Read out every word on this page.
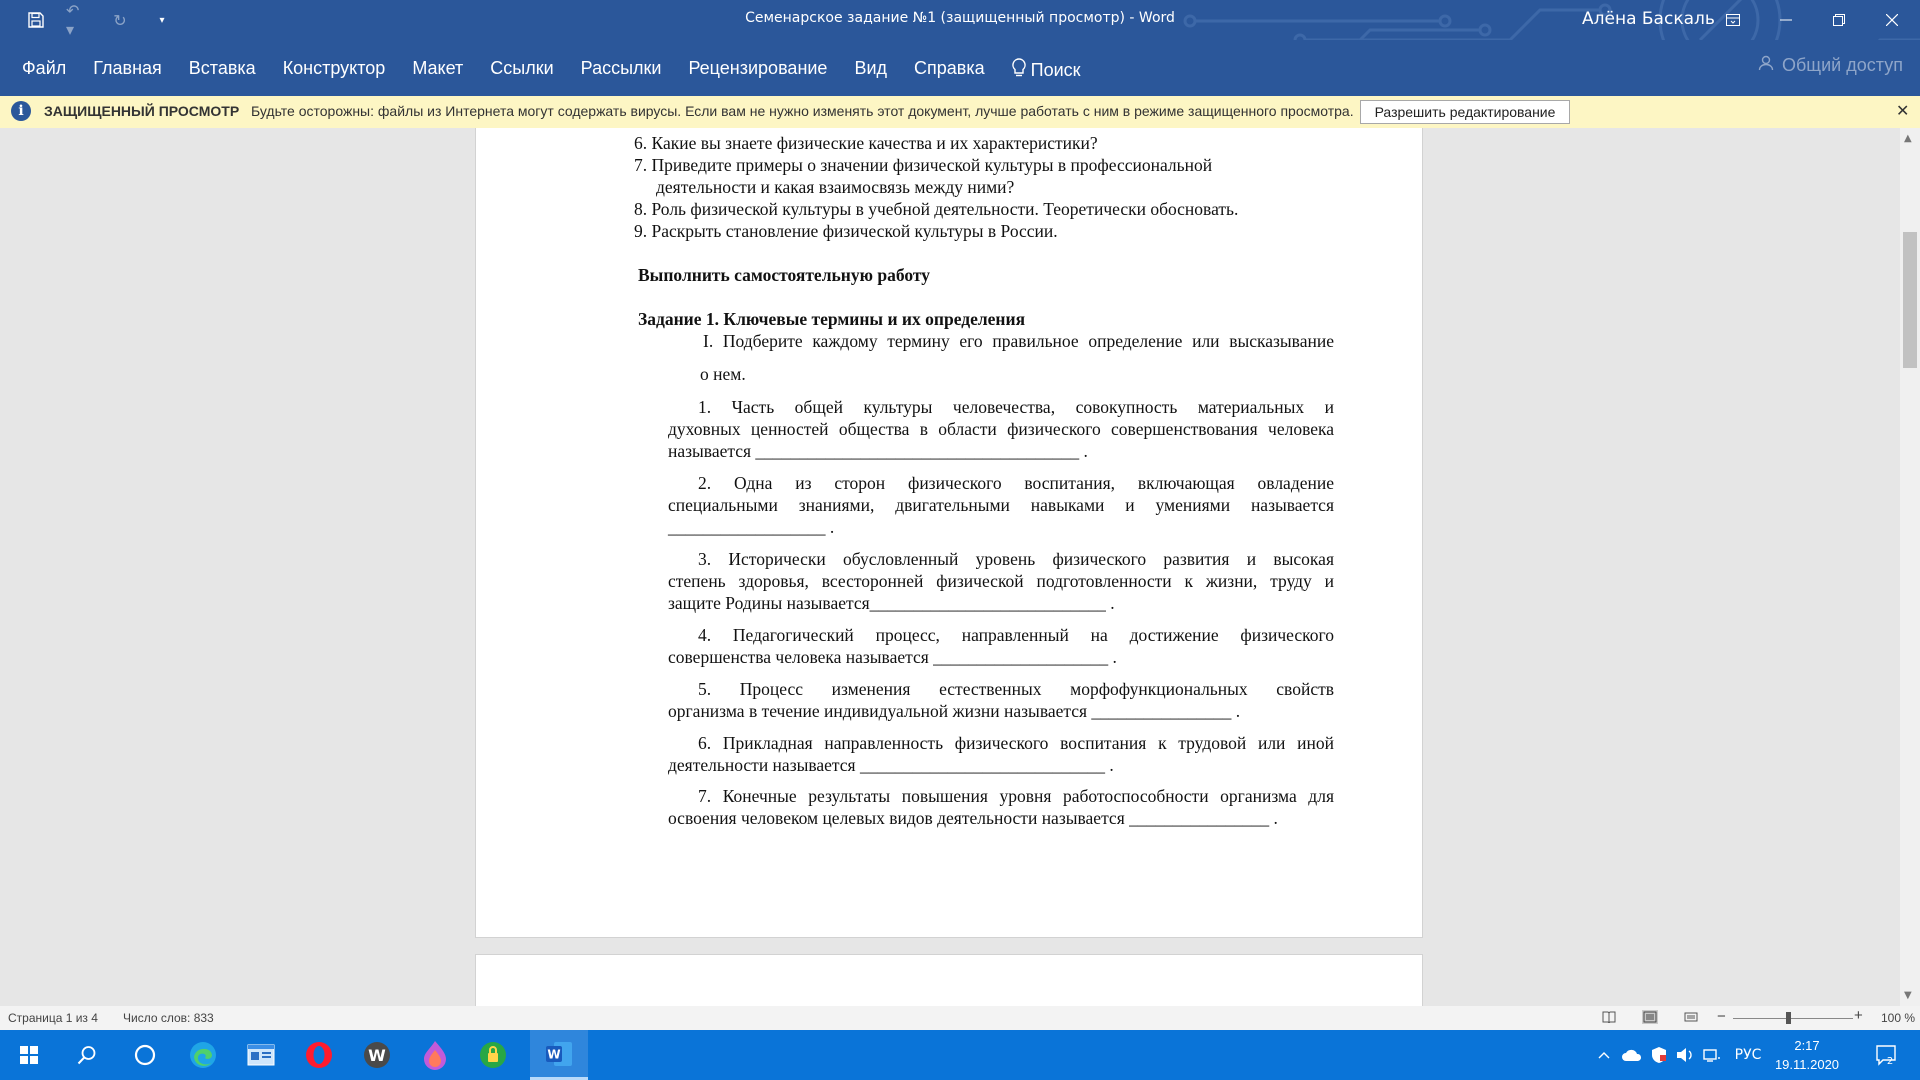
↶ ▾	↻	▾	Семенарское задание №1 (защищенный просмотр) - Word	Алёна Баскаль
Файл Главная Вставка Конструктор Макет Ссылки Рассылки Рецензирование Вид Справка	Поиск	Общий доступ
i	ЗАЩИЩЕННЫЙ ПРОСМОТР Будьте осторожны: файлы из Интернета могут содержать вирусы. Если вам не нужно изменять этот документ, лучше работать с ним в режиме защищенного просмотра.	Разрешить редактирование	✕
6. Какие вы знаете физические качества и их характеристики?
7. Приведите примеры о значении физической культуры в профессиональной
деятельности и какая взаимосвязь между ними?
8. Роль физической культуры в учебной деятельности. Теоретически обосновать.
9. Раскрыть становление физической культуры в России.
Выполнить самостоятельную работу
Задание 1. Ключевые термины и их определения
I. Подберите каждому термину его правильное определение или высказывание
о нем.
1. Часть общей культуры человечества, совокупность материальных и
духовных ценностей общества в области физического совершенствования человека
называется _____________________________________ .
2. Одна из сторон физического воспитания, включающая овладение
специальными знаниями, двигательными навыками и умениями называется
__________________ .
3. Исторически обусловленный уровень физического развития и высокая
степень здоровья, всесторонней физической подготовленности к жизни, труду и
защите Родины называется___________________________ .
4. Педагогический процесс, направленный на достижение физического
совершенства человека называется ____________________ .
5. Процесс изменения естественных морфофункциональных свойств
организма в течение индивидуальной жизни называется ________________ .
6. Прикладная направленность физического воспитания к трудовой или иной
деятельности называется ____________________________ .
7. Конечные результаты повышения уровня работоспособности организма для
освоения человеком целевых видов деятельности называется ________________ .
▲
▼
Страница 1 из 4 Число слов: 833	−	+ 100 %
W	W	РУС
2:17
19.11.2020	2
